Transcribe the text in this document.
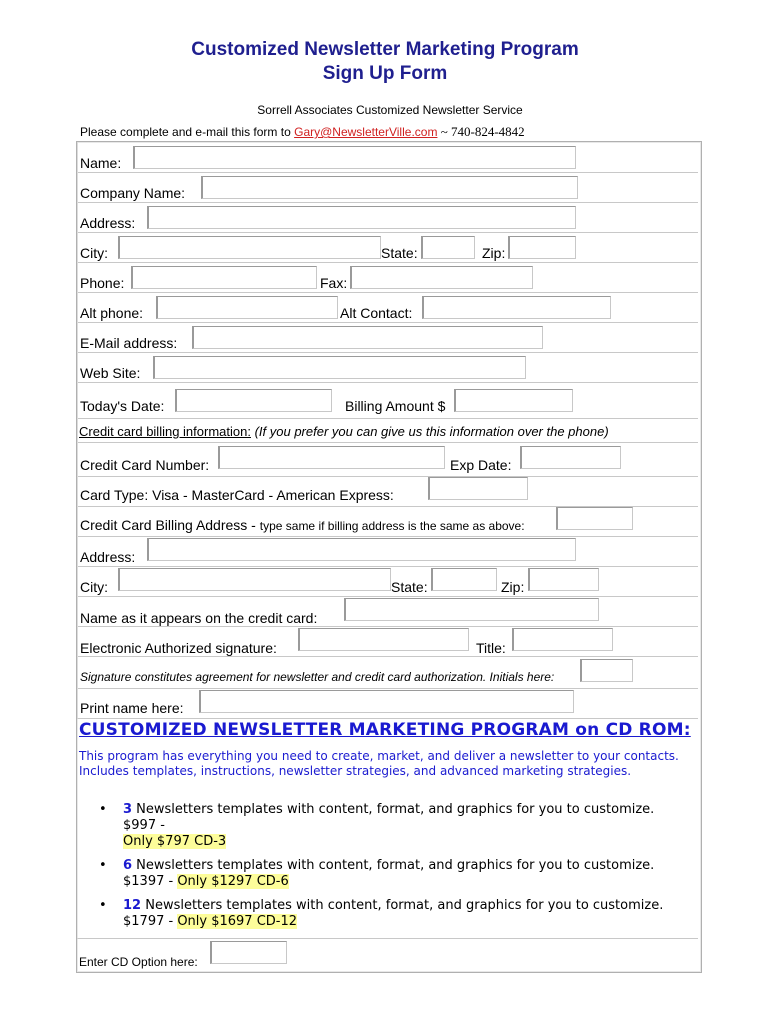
Customized Newsletter Marketing Program
Sign Up Form
Sorrell Associates Customized Newsletter Service
Please complete and e-mail this form to Gary@NewsletterVille.com ~ 740-824-4842
Name:
Company Name:
Address:
City:	State:	Zip:
Phone:	Fax:
Alt phone:	Alt Contact:
E-Mail address:
Web Site:
Today's Date:	Billing Amount $
Credit card billing information: (If you prefer you can give us this information over the phone)
Credit Card Number:	Exp Date:
Card Type: Visa - MasterCard - American Express:
Credit Card Billing Address - type same if billing address is the same as above:
Address:
City:	State:	Zip:
Name as it appears on the credit card:
Electronic Authorized signature:	Title:
Signature constitutes agreement for newsletter and credit card authorization. Initials here:
Print name here:
CUSTOMIZED NEWSLETTER MARKETING PROGRAM on CD ROM:
This program has everything you need to create, market, and deliver a newsletter to your contacts. Includes templates, instructions, newsletter strategies, and advanced marketing strategies.
• 3 Newsletters templates with content, format, and graphics for you to customize.
$997 -
Only $797 CD-3
• 6 Newsletters templates with content, format, and graphics for you to customize.
$1397 - Only $1297 CD-6
• 12 Newsletters templates with content, format, and graphics for you to customize.
$1797 - Only $1697 CD-12
Enter CD Option here:
